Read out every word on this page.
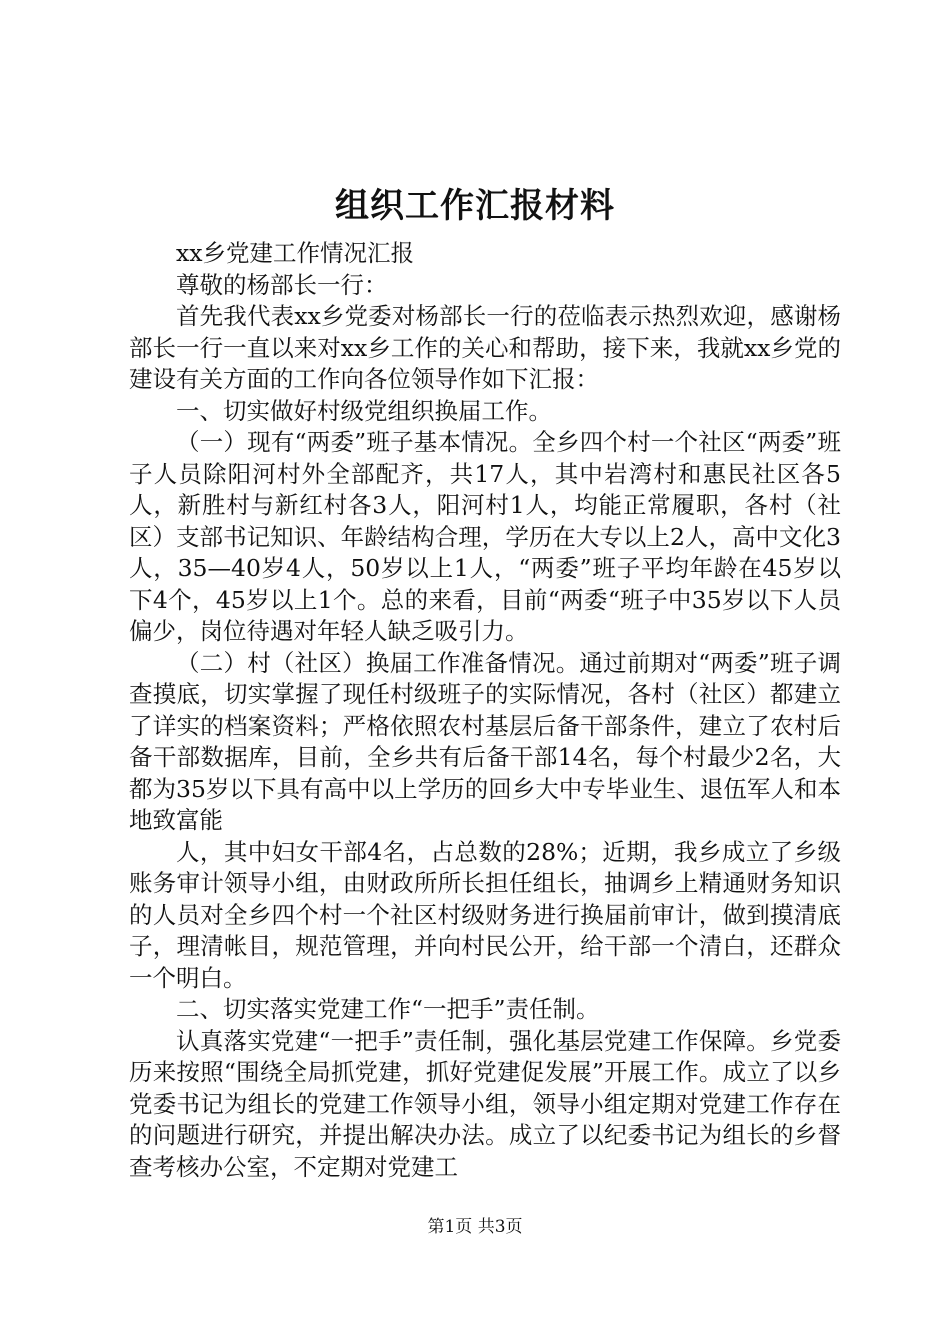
组织工作汇报材料

xx乡党建工作情况汇报

尊敬的杨部长一行：

首先我代表xx乡党委对杨部长一行的莅临表示热烈欢迎，感谢杨部长一行一直以来对xx乡工作的关心和帮助，接下来，我就xx乡党的建设有关方面的工作向各位领导作如下汇报：

一、切实做好村级党组织换届工作。

（一）现有“两委”班子基本情况。全乡四个村一个社区“两委”班子人员除阳河村外全部配齐，共17人，其中岩湾村和惠民社区各5人，新胜村与新红村各3人，阳河村1人，均能正常履职，各村（社区）支部书记知识、年龄结构合理，学历在大专以上2人，高中文化3人，35—40岁4人，50岁以上1人，“两委”班子平均年龄在45岁以下4个，45岁以上1个。总的来看，目前“两委“班子中35岁以下人员偏少，岗位待遇对年轻人缺乏吸引力。

（二）村（社区）换届工作准备情况。通过前期对“两委”班子调查摸底，切实掌握了现任村级班子的实际情况，各村（社区）都建立了详实的档案资料；严格依照农村基层后备干部条件，建立了农村后备干部数据库，目前，全乡共有后备干部14名，每个村最少2名，大都为35岁以下具有高中以上学历的回乡大中专毕业生、退伍军人和本地致富能

人，其中妇女干部4名，占总数的28%；近期，我乡成立了乡级账务审计领导小组，由财政所所长担任组长，抽调乡上精通财务知识的人员对全乡四个村一个社区村级财务进行换届前审计，做到摸清底子，理清帐目，规范管理，并向村民公开，给干部一个清白，还群众一个明白。

二、切实落实党建工作“一把手”责任制。

认真落实党建“一把手”责任制，强化基层党建工作保障。乡党委历来按照“围绕全局抓党建，抓好党建促发展”开展工作。成立了以乡党委书记为组长的党建工作领导小组，领导小组定期对党建工作存在的问题进行研究，并提出解决办法。成立了以纪委书记为组长的乡督查考核办公室，不定期对党建工

第1页 共3页
